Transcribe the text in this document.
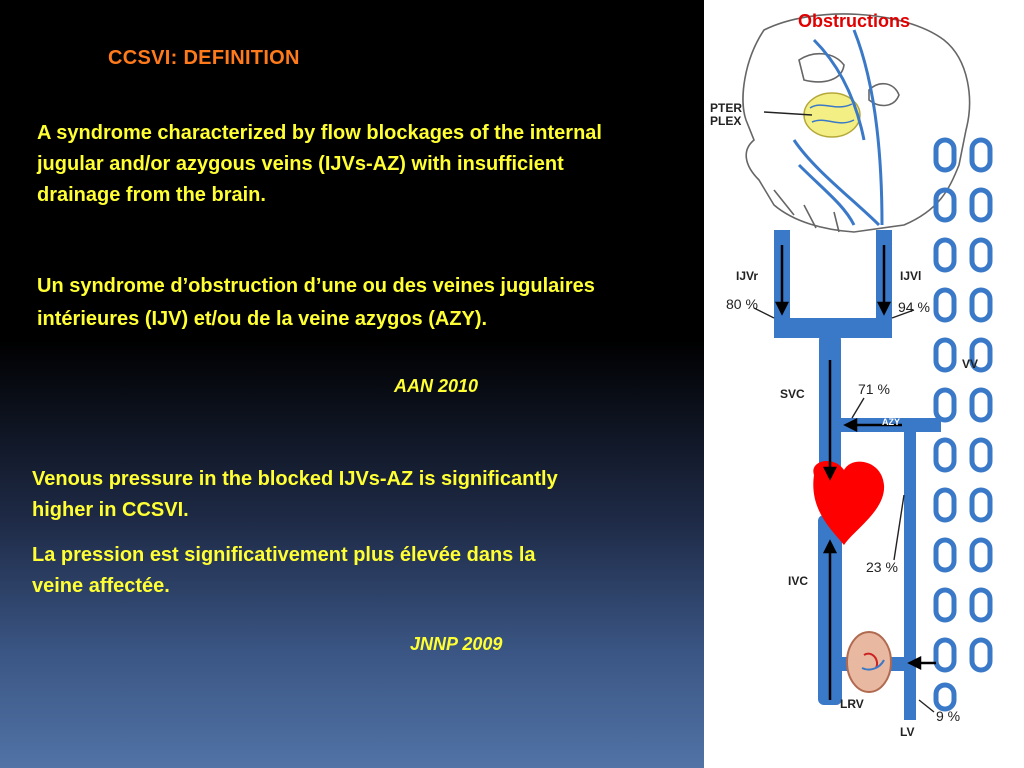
CCSVI: DEFINITION

A syndrome characterized by flow blockages of the internal jugular and/or azygous veins (IJVs-AZ) with insufficient drainage from the brain.

Un syndrome d’obstruction d’une ou des veines jugulaires intérieures (IJV) et/ou de la veine azygos (AZY).

AAN 2010

Venous pressure in the blocked IJVs-AZ is significantly higher in CCSVI.

La pression est significativement plus élevée dans la veine affectée.

JNNP 2009

Obstructions
PTER PLEX
IJVr	IJVl
80 %	94 %
VV
SVC	71 %
AZY
IVC
23 %
LRV
9 %
LV
